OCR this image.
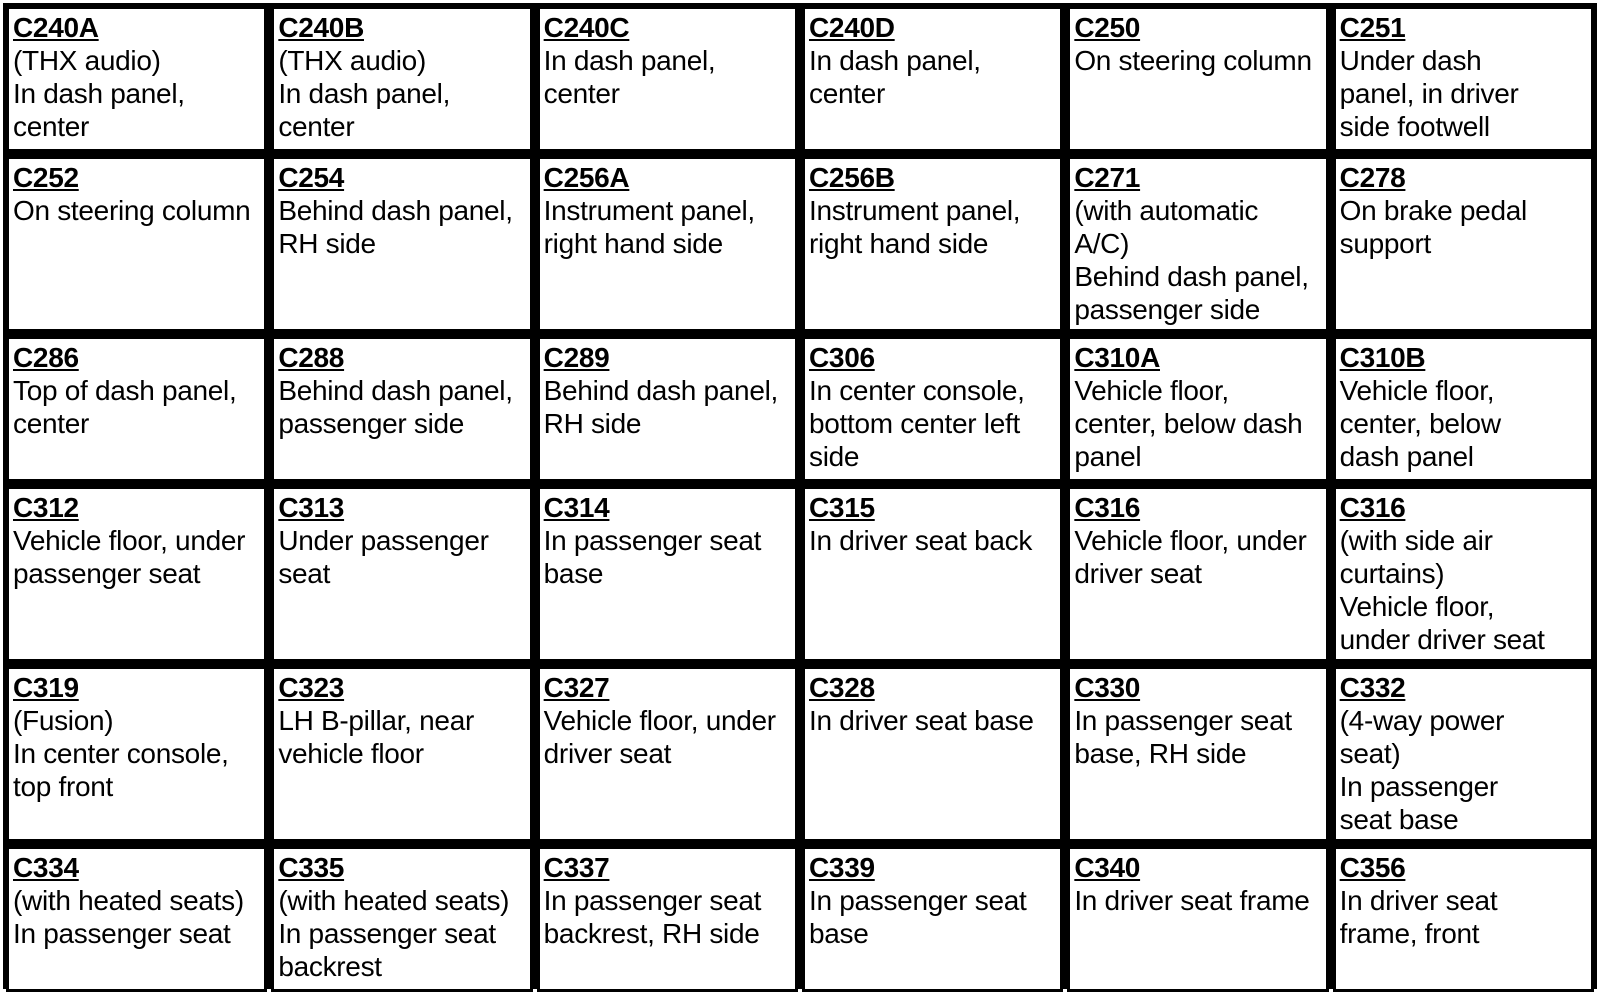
C240A
(THX audio)
In dash panel,
center
C240B
(THX audio)
In dash panel,
center
C240C
In dash panel,
center
C240D
In dash panel,
center
C250
On steering column
C251
Under dash
panel, in driver
side footwell
C252
On steering column
C254
Behind dash panel,
RH side
C256A
Instrument panel,
right hand side
C256B
Instrument panel,
right hand side
C271
(with automatic
A/C)
Behind dash panel,
passenger side
C278
On brake pedal
support
C286
Top of dash panel,
center
C288
Behind dash panel,
passenger side
C289
Behind dash panel,
RH side
C306
In center console,
bottom center left
side
C310A
Vehicle floor,
center, below dash
panel
C310B
Vehicle floor,
center, below
dash panel
C312
Vehicle floor, under
passenger seat
C313
Under passenger
seat
C314
In passenger seat
base
C315
In driver seat back
C316
Vehicle floor, under
driver seat
C316
(with side air
curtains)
Vehicle floor,
under driver seat
C319
(Fusion)
In center console,
top front
C323
LH B-pillar, near
vehicle floor
C327
Vehicle floor, under
driver seat
C328
In driver seat base
C330
In passenger seat
base, RH side
C332
(4-way power
seat)
In passenger
seat base
C334
(with heated seats)
In passenger seat
C335
(with heated seats)
In passenger seat
backrest
C337
In passenger seat
backrest, RH side
C339
In passenger seat
base
C340
In driver seat frame
C356
In driver seat
frame, front
